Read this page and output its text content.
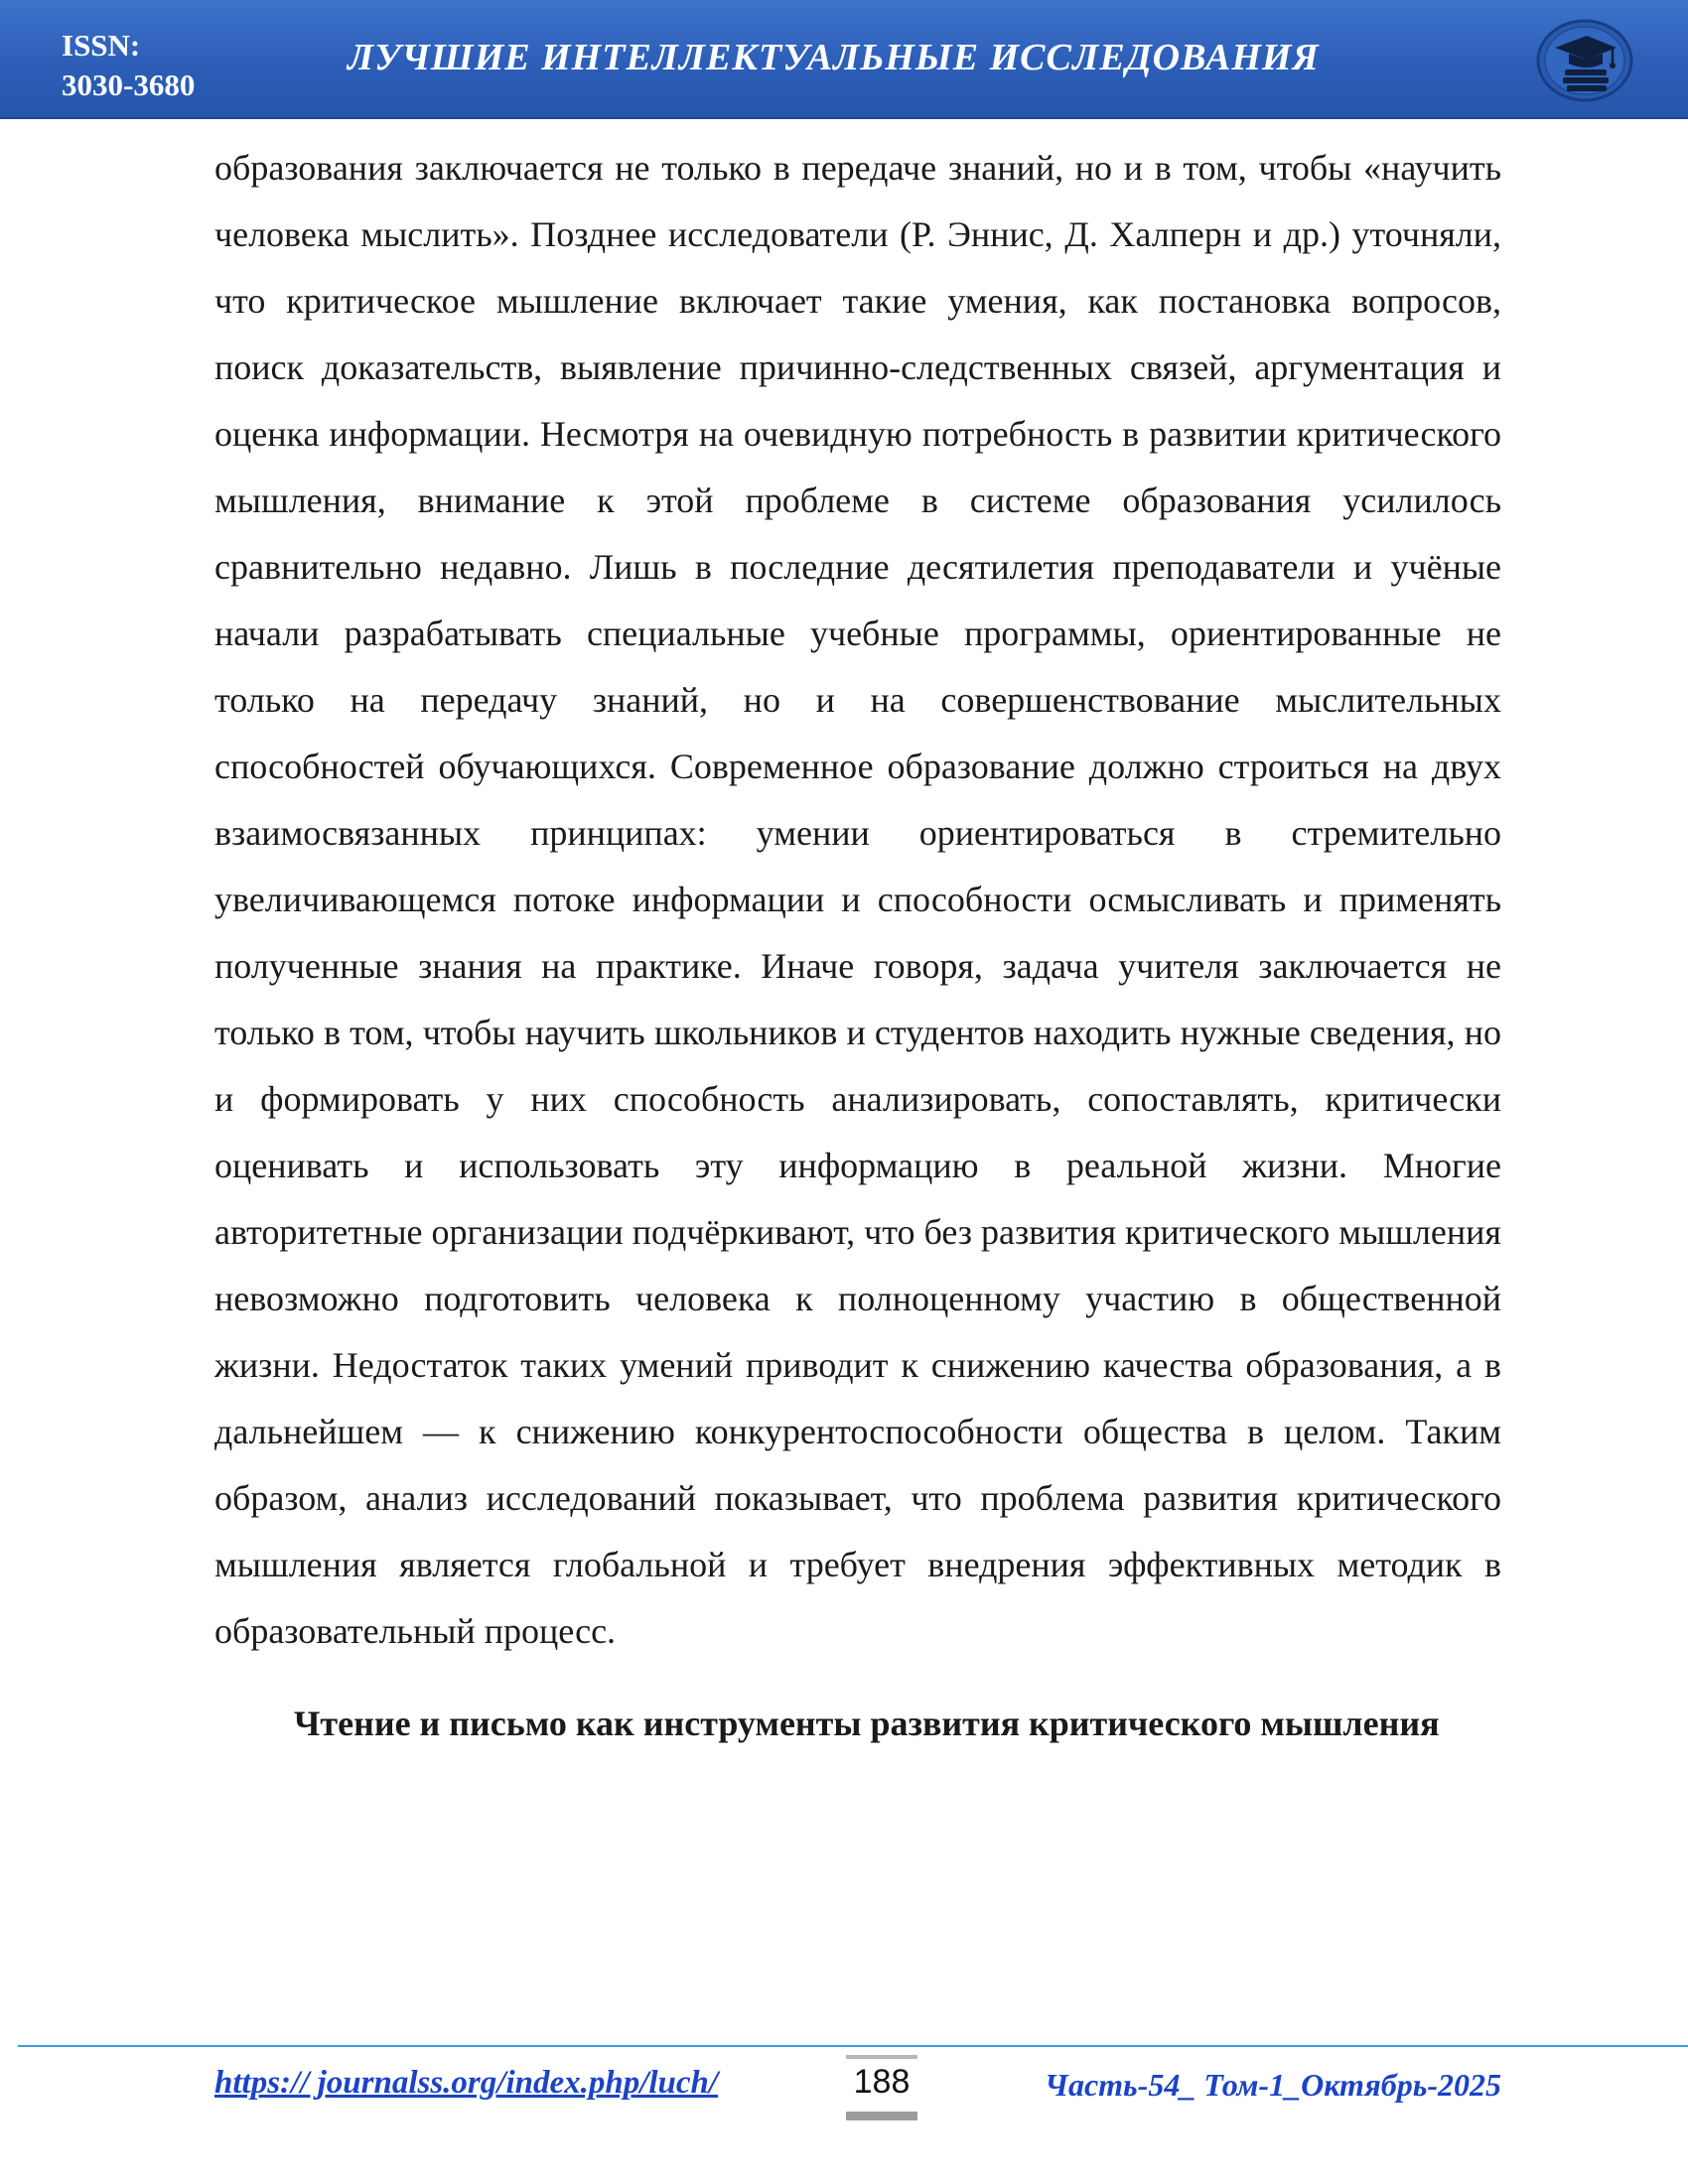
ISSN:
3030-3680
ЛУЧШИЕ ИНТЕЛЛЕКТУАЛЬНЫЕ ИССЛЕДОВАНИЯ

образования заключается не только в передаче знаний, но и в том, чтобы «научить человека мыслить». Позднее исследователи (Р. Эннис, Д. Халперн и др.) уточняли, что критическое мышление включает такие умения, как постановка вопросов, поиск доказательств, выявление причинно-следственных связей, аргументация и оценка информации. Несмотря на очевидную потребность в развитии критического мышления, внимание к этой проблеме в системе образования усилилось сравнительно недавно. Лишь в последние десятилетия преподаватели и учёные начали разрабатывать специальные учебные программы, ориентированные не только на передачу знаний, но и на совершенствование мыслительных способностей обучающихся. Современное образование должно строиться на двух взаимосвязанных принципах: умении ориентироваться в стремительно увеличивающемся потоке информации и способности осмысливать и применять полученные знания на практике. Иначе говоря, задача учителя заключается не только в том, чтобы научить школьников и студентов находить нужные сведения, но и формировать у них способность анализировать, сопоставлять, критически оценивать и использовать эту информацию в реальной жизни. Многие авторитетные организации подчёркивают, что без развития критического мышления невозможно подготовить человека к полноценному участию в общественной жизни. Недостаток таких умений приводит к снижению качества образования, а в дальнейшем — к снижению конкурентоспособности общества в целом. Таким образом, анализ исследований показывает, что проблема развития критического мышления является глобальной и требует внедрения эффективных методик в образовательный процесс.

Чтение и письмо как инструменты развития критического мышления

https:// journalss.org/index.php/luch/	188	Часть-54_ Том-1_Октябрь-2025
